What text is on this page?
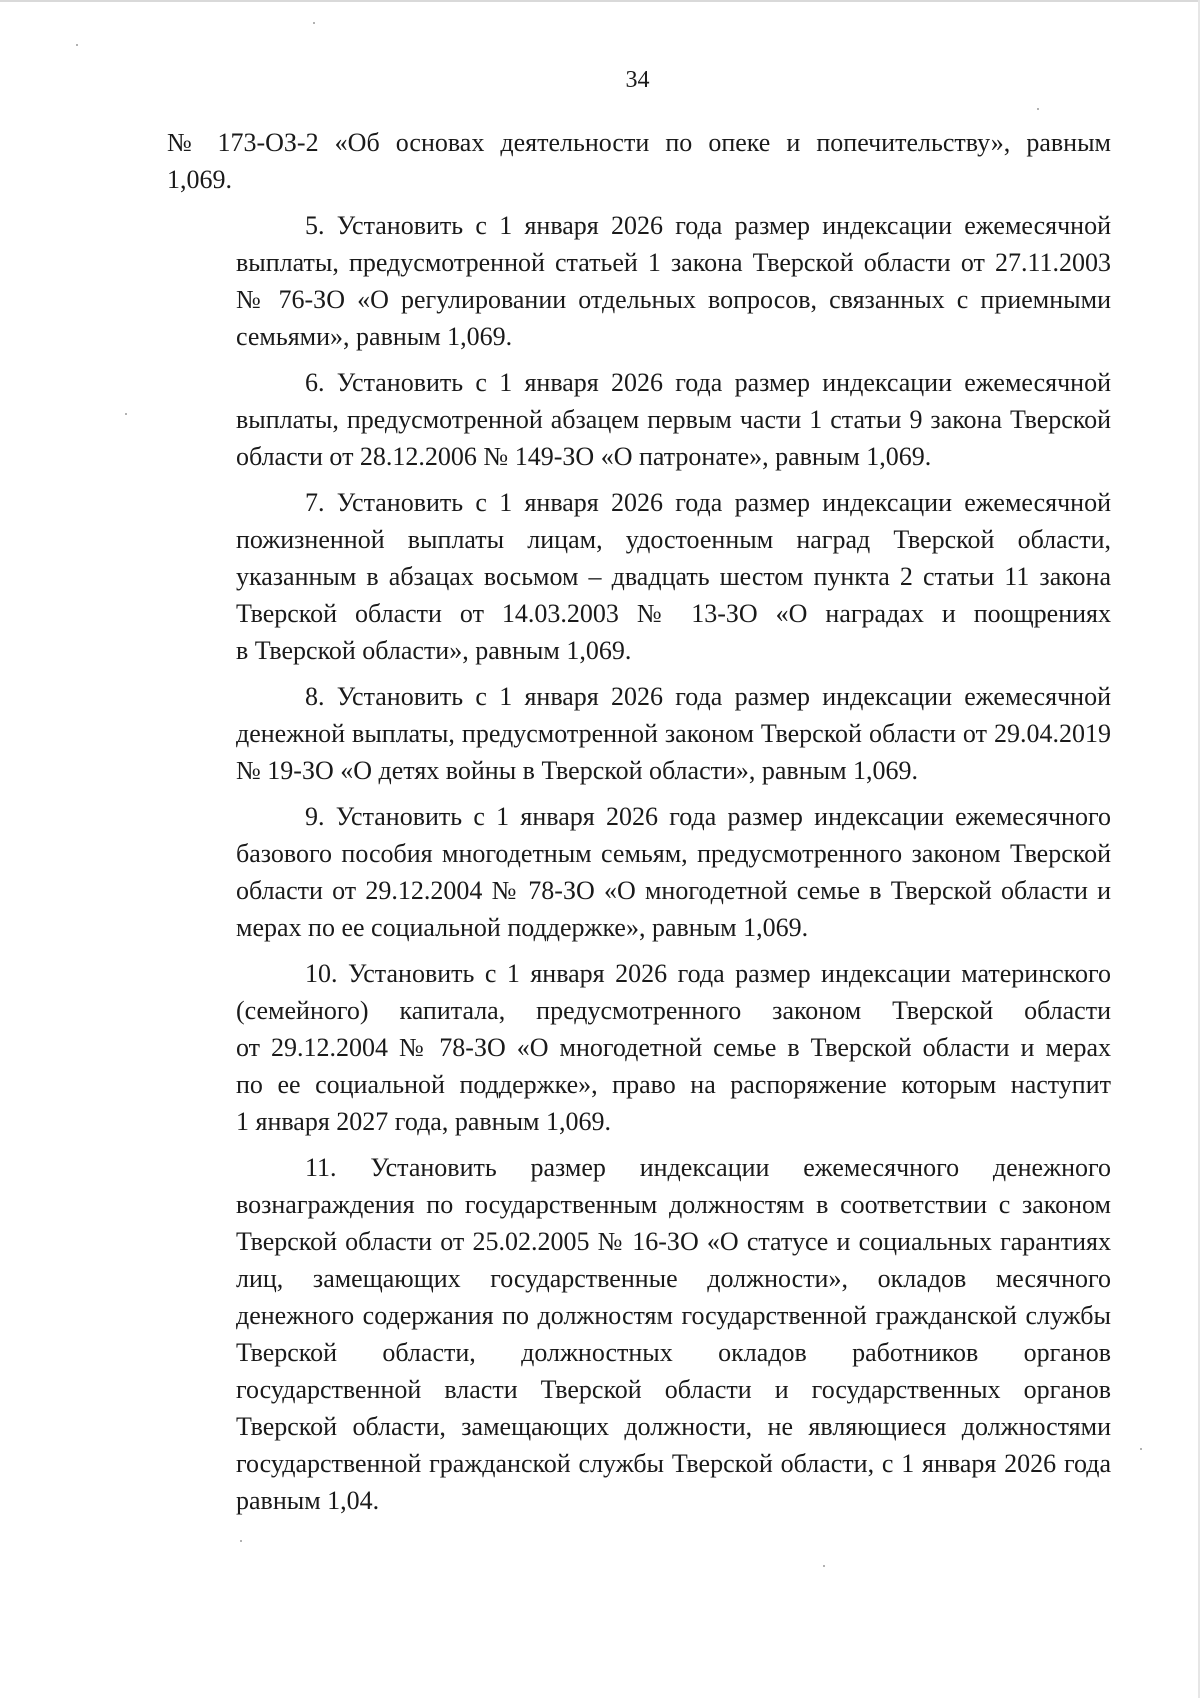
34
№ 173-ОЗ-2 «Об основах деятельности по опеке и попечительству», равным
1,069.
5. Установить с 1 января 2026 года размер индексации ежемесячной
выплаты, предусмотренной статьей 1 закона Тверской области от 27.11.2003
№ 76-ЗО «О регулировании отдельных вопросов, связанных с приемными
семьями», равным 1,069.
6. Установить с 1 января 2026 года размер индексации ежемесячной
выплаты, предусмотренной абзацем первым части 1 статьи 9 закона Тверской
области от 28.12.2006 № 149-ЗО «О патронате», равным 1,069.
7. Установить с 1 января 2026 года размер индексации ежемесячной
пожизненной выплаты лицам, удостоенным наград Тверской области,
указанным в абзацах восьмом – двадцать шестом пункта 2 статьи 11 закона
Тверской области от 14.03.2003 № 13-ЗО «О наградах и поощрениях
в Тверской области», равным 1,069.
8. Установить с 1 января 2026 года размер индексации ежемесячной
денежной выплаты, предусмотренной законом Тверской области от 29.04.2019
№ 19-ЗО «О детях войны в Тверской области», равным 1,069.
9. Установить с 1 января 2026 года размер индексации ежемесячного
базового пособия многодетным семьям, предусмотренного законом Тверской
области от 29.12.2004 № 78-ЗО «О многодетной семье в Тверской области и
мерах по ее социальной поддержке», равным 1,069.
10. Установить с 1 января 2026 года размер индексации материнского
(семейного) капитала, предусмотренного законом Тверской области
от 29.12.2004 № 78-ЗО «О многодетной семье в Тверской области и мерах
по ее социальной поддержке», право на распоряжение которым наступит
1 января 2027 года, равным 1,069.
11. Установить размер индексации ежемесячного денежного
вознаграждения по государственным должностям в соответствии с законом
Тверской области от 25.02.2005 № 16-ЗО «О статусе и социальных гарантиях
лиц, замещающих государственные должности», окладов месячного
денежного содержания по должностям государственной гражданской службы
Тверской области, должностных окладов работников органов
государственной власти Тверской области и государственных органов
Тверской области, замещающих должности, не являющиеся должностями
государственной гражданской службы Тверской области, с 1 января 2026 года
равным 1,04.
